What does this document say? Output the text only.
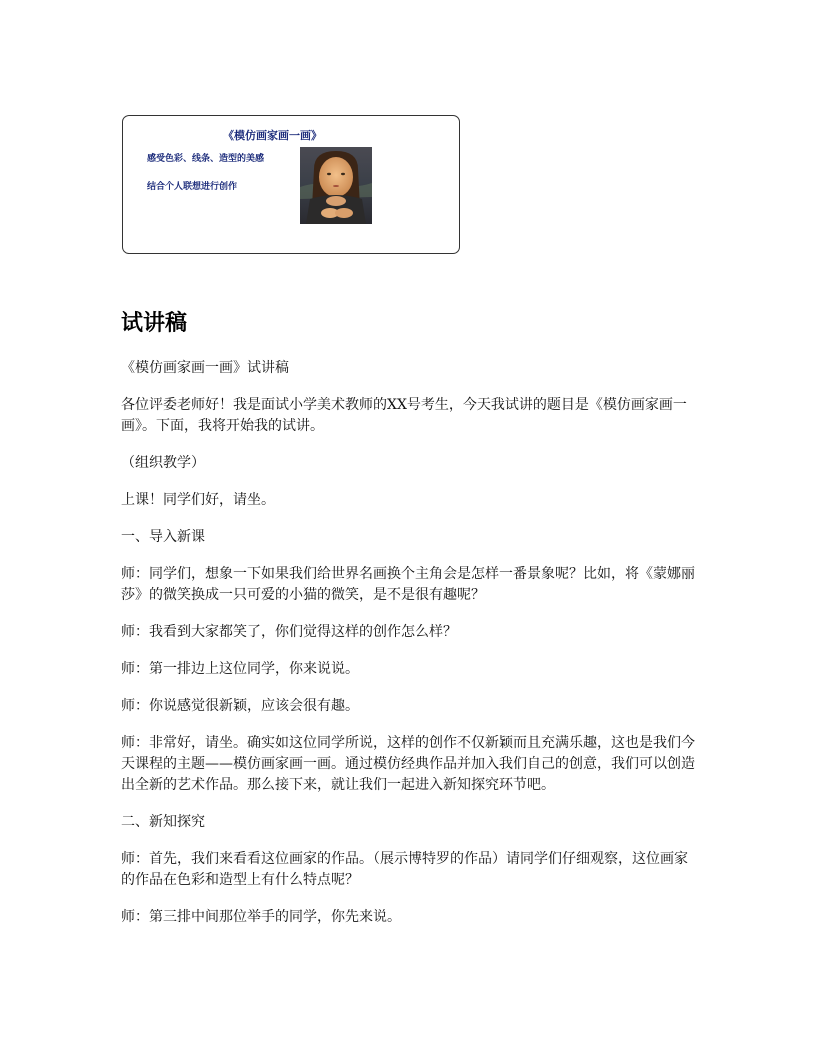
《模仿画家画一画》
感受色彩、线条、造型的美感
结合个人联想进行创作
试讲稿

《模仿画家画一画》试讲稿

各位评委老师好！我是面试小学美术教师的XX号考生，今天我试讲的题目是《模仿画家画一画》。下面，我将开始我的试讲。

（组织教学）

上课！同学们好，请坐。

一、导入新课

师：同学们，想象一下如果我们给世界名画换个主角会是怎样一番景象呢？比如，将《蒙娜丽莎》的微笑换成一只可爱的小猫的微笑，是不是很有趣呢？

师：我看到大家都笑了，你们觉得这样的创作怎么样？

师：第一排边上这位同学，你来说说。

师：你说感觉很新颖，应该会很有趣。

师：非常好，请坐。确实如这位同学所说，这样的创作不仅新颖而且充满乐趣，这也是我们今天课程的主题——模仿画家画一画。通过模仿经典作品并加入我们自己的创意，我们可以创造出全新的艺术作品。那么接下来，就让我们一起进入新知探究环节吧。

二、新知探究

师：首先，我们来看看这位画家的作品。（展示博特罗的作品）请同学们仔细观察，这位画家的作品在色彩和造型上有什么特点呢？

师：第三排中间那位举手的同学，你先来说。
